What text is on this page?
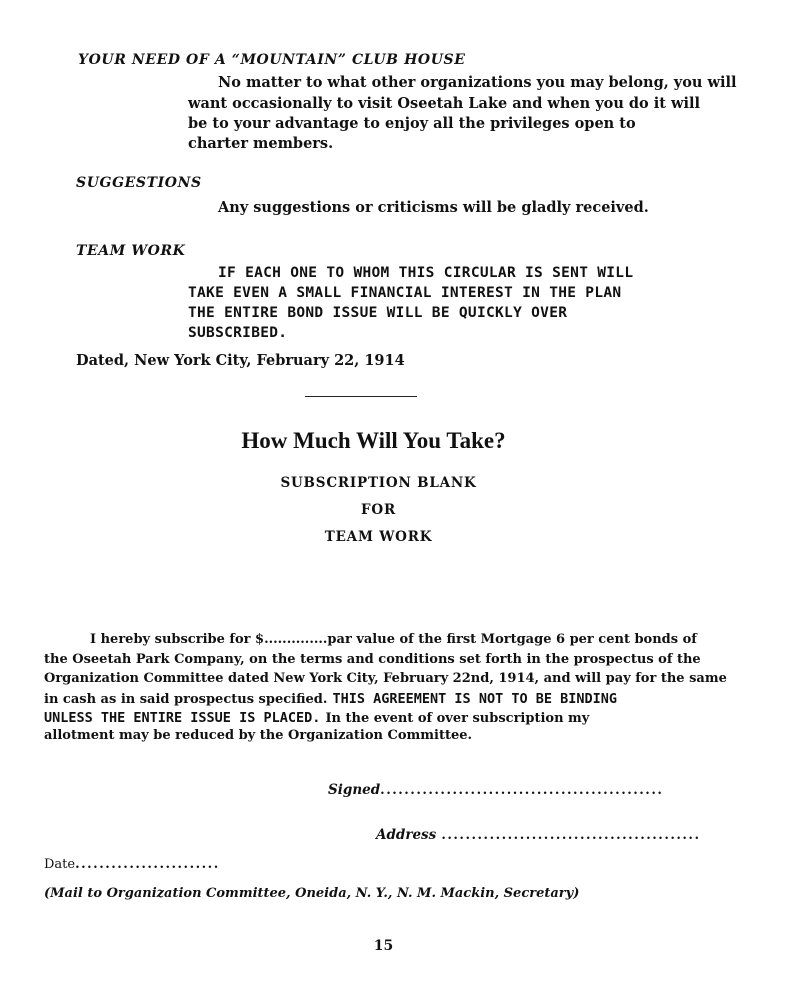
YOUR NEED OF A “MOUNTAIN” CLUB HOUSE
No matter to what other organizations you may belong, you will
want occasionally to visit Oseetah Lake and when you do it will
be to your advantage to enjoy all the privileges open to
charter members.
SUGGESTIONS
Any suggestions or criticisms will be gladly received.
TEAM WORK
IF EACH ONE TO WHOM THIS CIRCULAR IS SENT WILL
TAKE EVEN A SMALL FINANCIAL INTEREST IN THE PLAN
THE ENTIRE BOND ISSUE WILL BE QUICKLY OVER
SUBSCRIBED.
Dated, New York City, February 22, 1914
How Much Will You Take?
SUBSCRIPTION BLANK
FOR
TEAM WORK
I hereby subscribe for $..............par value of the first Mortgage 6 per cent bonds of
the Oseetah Park Company, on the terms and conditions set forth in the prospectus of the
Organization Committee dated New York City, February 22nd, 1914, and will pay for the same
in cash as in said prospectus specified. THIS AGREEMENT IS NOT TO BE BINDING
UNLESS THE ENTIRE ISSUE IS PLACED. In the event of over subscription my
allotment may be reduced by the Organization Committee.
Signed...............................................
Address ...........................................
Date........................
(Mail to Organization Committee, Oneida, N. Y., N. M. Mackin, Secretary)
15
